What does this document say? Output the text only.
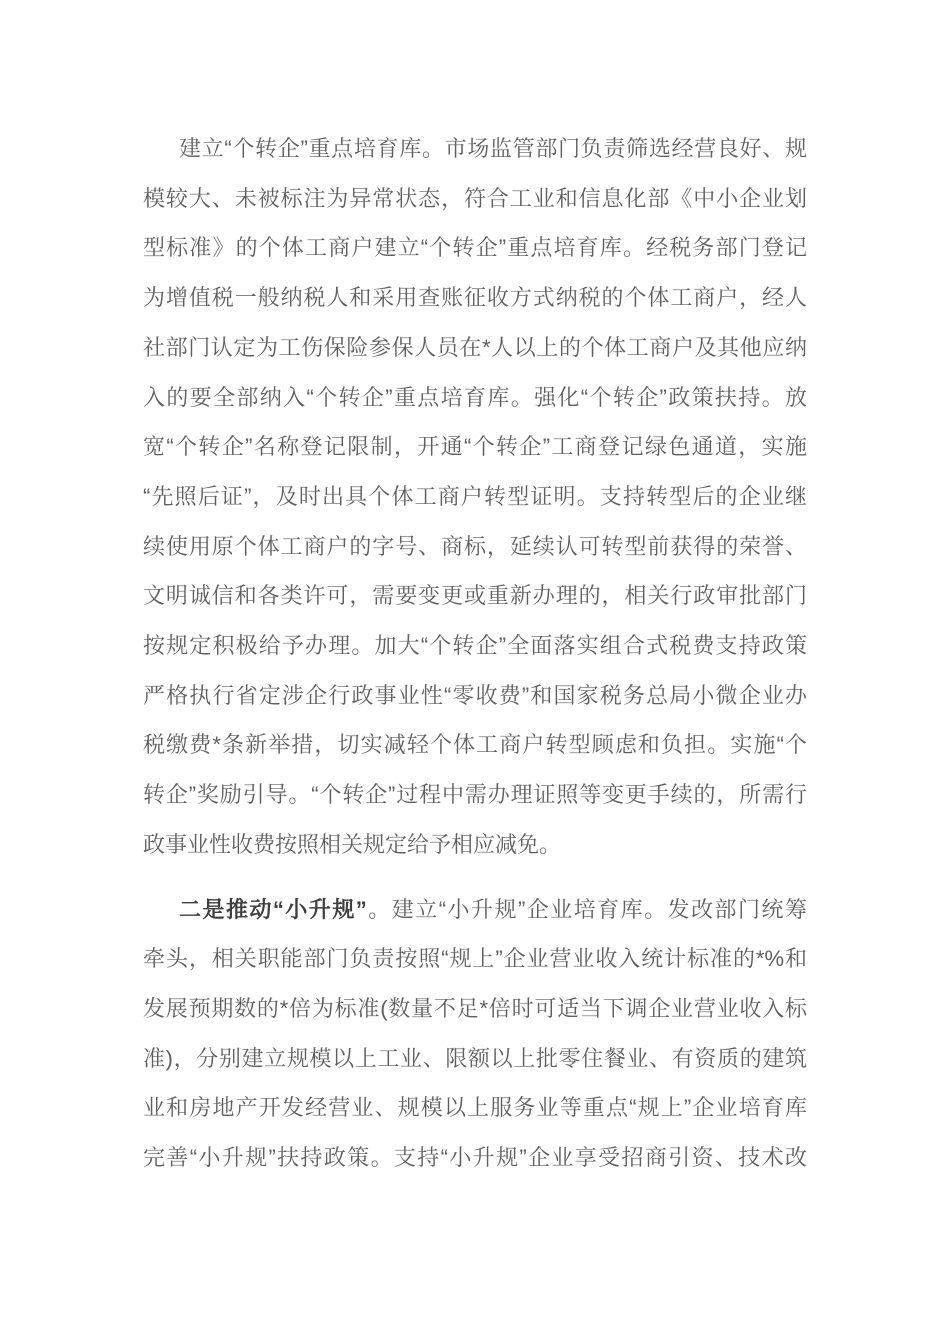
建立“个转企”重点培育库。市场监管部门负责筛选经营良好、规
模较大、未被标注为异常状态，符合工业和信息化部《中小企业划
型标准》的个体工商户建立“个转企”重点培育库。经税务部门登记
为增值税一般纳税人和采用查账征收方式纳税的个体工商户，经人
社部门认定为工伤保险参保人员在*人以上的个体工商户及其他应纳
入的要全部纳入“个转企”重点培育库。强化“个转企”政策扶持。放
宽“个转企”名称登记限制，开通“个转企”工商登记绿色通道，实施
“先照后证”，及时出具个体工商户转型证明。支持转型后的企业继
续使用原个体工商户的字号、商标，延续认可转型前获得的荣誉、
文明诚信和各类许可，需要变更或重新办理的，相关行政审批部门
按规定积极给予办理。加大“个转企”全面落实组合式税费支持政策
严格执行省定涉企行政事业性“零收费”和国家税务总局小微企业办
税缴费*条新举措，切实减轻个体工商户转型顾虑和负担。实施“个
转企”奖励引导。“个转企”过程中需办理证照等变更手续的，所需行
政事业性收费按照相关规定给予相应减免。
二是推动“小升规”。建立“小升规”企业培育库。发改部门统筹
牵头，相关职能部门负责按照“规上”企业营业收入统计标准的*%和
发展预期数的*倍为标准(数量不足*倍时可适当下调企业营业收入标
准)，分别建立规模以上工业、限额以上批零住餐业、有资质的建筑
业和房地产开发经营业、规模以上服务业等重点“规上”企业培育库
完善“小升规”扶持政策。支持“小升规”企业享受招商引资、技术改
